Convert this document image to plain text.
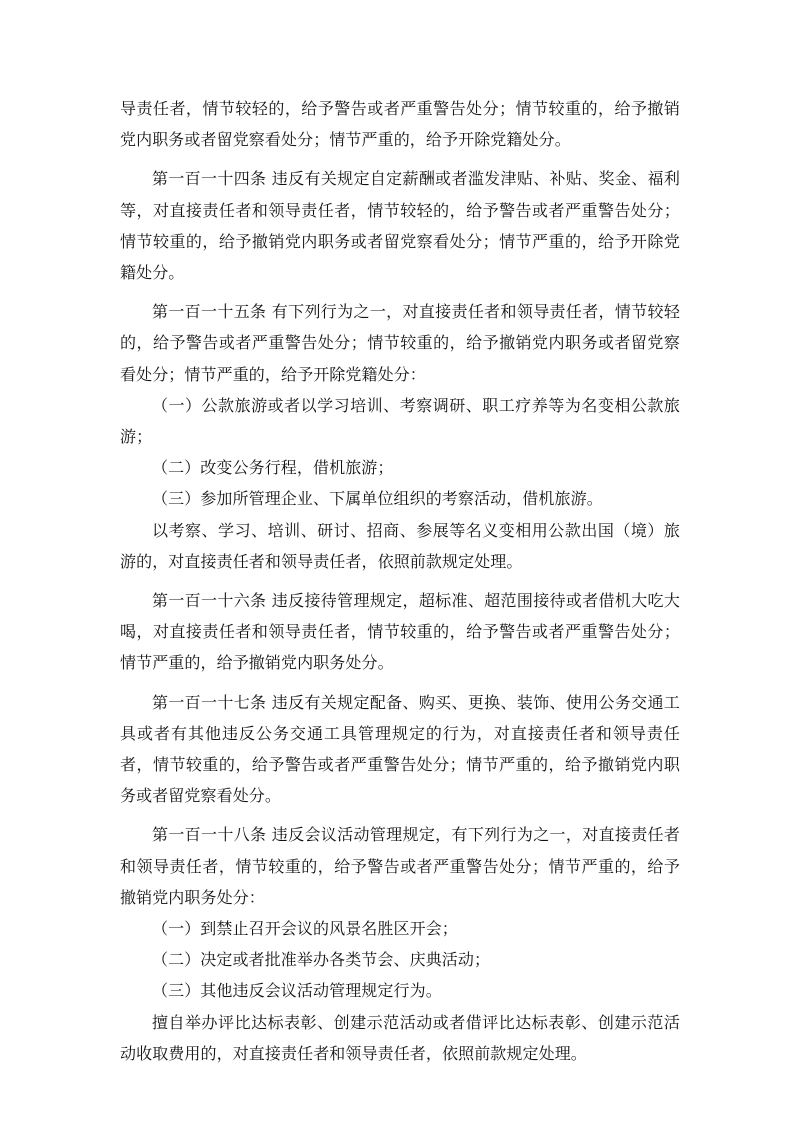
导责任者，情节较轻的，给予警告或者严重警告处分；情节较重的，给予撤销党内职务或者留党察看处分；情节严重的，给予开除党籍处分。

第一百一十四条 违反有关规定自定薪酬或者滥发津贴、补贴、奖金、福利等，对直接责任者和领导责任者，情节较轻的，给予警告或者严重警告处分；情节较重的，给予撤销党内职务或者留党察看处分；情节严重的，给予开除党籍处分。

第一百一十五条 有下列行为之一，对直接责任者和领导责任者，情节较轻的，给予警告或者严重警告处分；情节较重的，给予撤销党内职务或者留党察看处分；情节严重的，给予开除党籍处分：

（一）公款旅游或者以学习培训、考察调研、职工疗养等为名变相公款旅游；

（二）改变公务行程，借机旅游；

（三）参加所管理企业、下属单位组织的考察活动，借机旅游。

以考察、学习、培训、研讨、招商、参展等名义变相用公款出国（境）旅游的，对直接责任者和领导责任者，依照前款规定处理。

第一百一十六条 违反接待管理规定，超标准、超范围接待或者借机大吃大喝，对直接责任者和领导责任者，情节较重的，给予警告或者严重警告处分；情节严重的，给予撤销党内职务处分。

第一百一十七条 违反有关规定配备、购买、更换、装饰、使用公务交通工具或者有其他违反公务交通工具管理规定的行为，对直接责任者和领导责任者，情节较重的，给予警告或者严重警告处分；情节严重的，给予撤销党内职务或者留党察看处分。

第一百一十八条 违反会议活动管理规定，有下列行为之一，对直接责任者和领导责任者，情节较重的，给予警告或者严重警告处分；情节严重的，给予撤销党内职务处分：

（一）到禁止召开会议的风景名胜区开会；

（二）决定或者批准举办各类节会、庆典活动；

（三）其他违反会议活动管理规定行为。

擅自举办评比达标表彰、创建示范活动或者借评比达标表彰、创建示范活动收取费用的，对直接责任者和领导责任者，依照前款规定处理。
